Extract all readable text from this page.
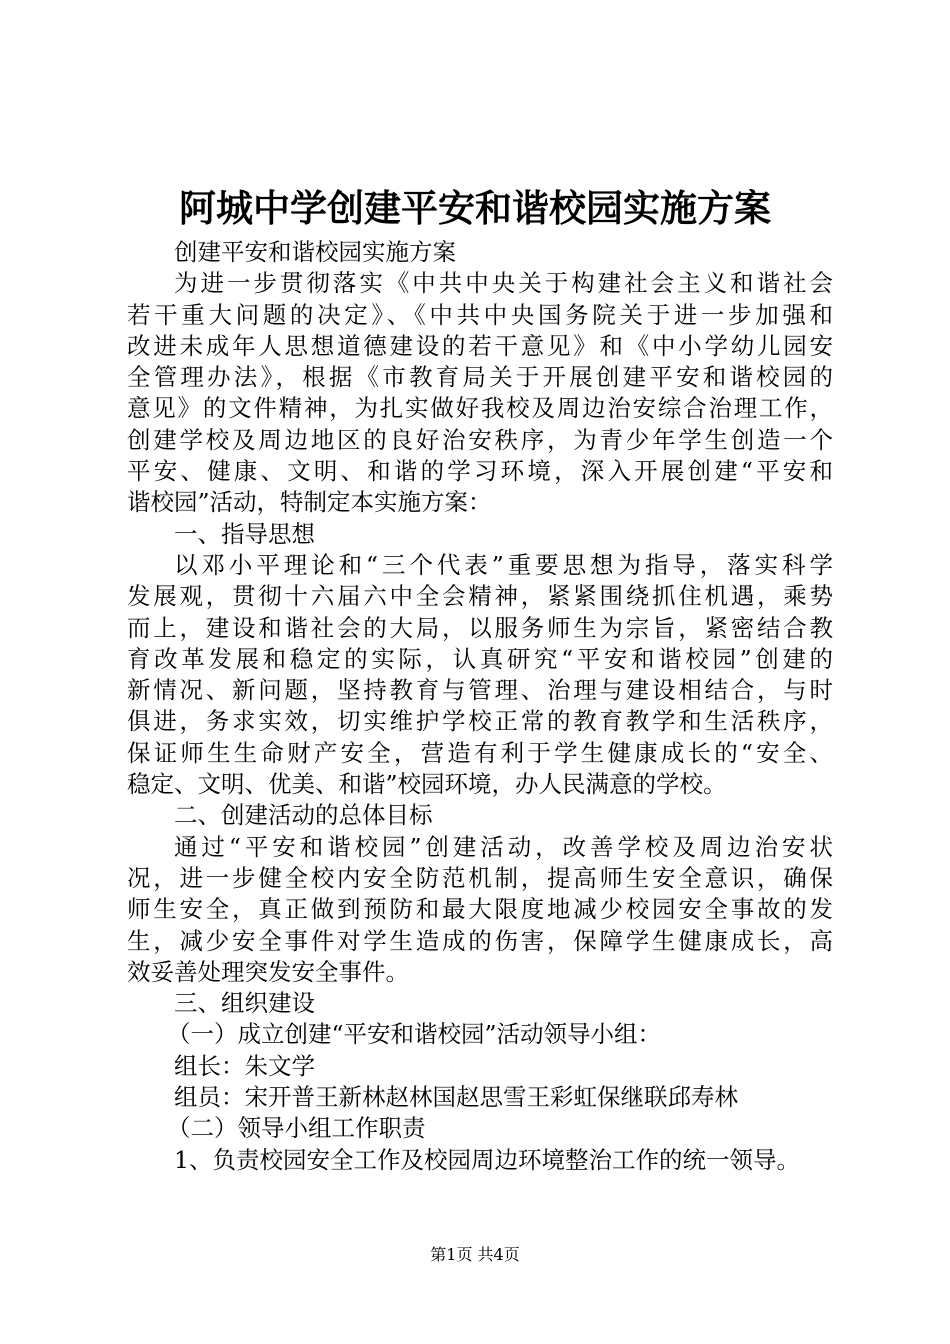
阿城中学创建平安和谐校园实施方案
创建平安和谐校园实施方案
为进一步贯彻落实《中共中央关于构建社会主义和谐社会
若干重大问题的决定》、《中共中央国务院关于进一步加强和
改进未成年人思想道德建设的若干意见》和《中小学幼儿园安
全管理办法》，根据《市教育局关于开展创建平安和谐校园的
意见》的文件精神，为扎实做好我校及周边治安综合治理工作，
创建学校及周边地区的良好治安秩序，为青少年学生创造一个
平安、健康、文明、和谐的学习环境，深入开展创建“平安和
谐校园”活动，特制定本实施方案：
一、指导思想
以邓小平理论和“三个代表”重要思想为指导，落实科学
发展观，贯彻十六届六中全会精神，紧紧围绕抓住机遇，乘势
而上，建设和谐社会的大局，以服务师生为宗旨，紧密结合教
育改革发展和稳定的实际，认真研究“平安和谐校园”创建的
新情况、新问题，坚持教育与管理、治理与建设相结合，与时
俱进，务求实效，切实维护学校正常的教育教学和生活秩序，
保证师生生命财产安全，营造有利于学生健康成长的“安全、
稳定、文明、优美、和谐”校园环境，办人民满意的学校。
二、创建活动的总体目标
通过“平安和谐校园”创建活动，改善学校及周边治安状
况，进一步健全校内安全防范机制，提高师生安全意识，确保
师生安全，真正做到预防和最大限度地减少校园安全事故的发
生，减少安全事件对学生造成的伤害，保障学生健康成长，高
效妥善处理突发安全事件。
三、组织建设
（一）成立创建“平安和谐校园”活动领导小组：
组长：朱文学
组员：宋开普王新林赵林国赵思雪王彩虹保继联邱寿林
（二）领导小组工作职责
1、负责校园安全工作及校园周边环境整治工作的统一领导。
第1页 共4页
